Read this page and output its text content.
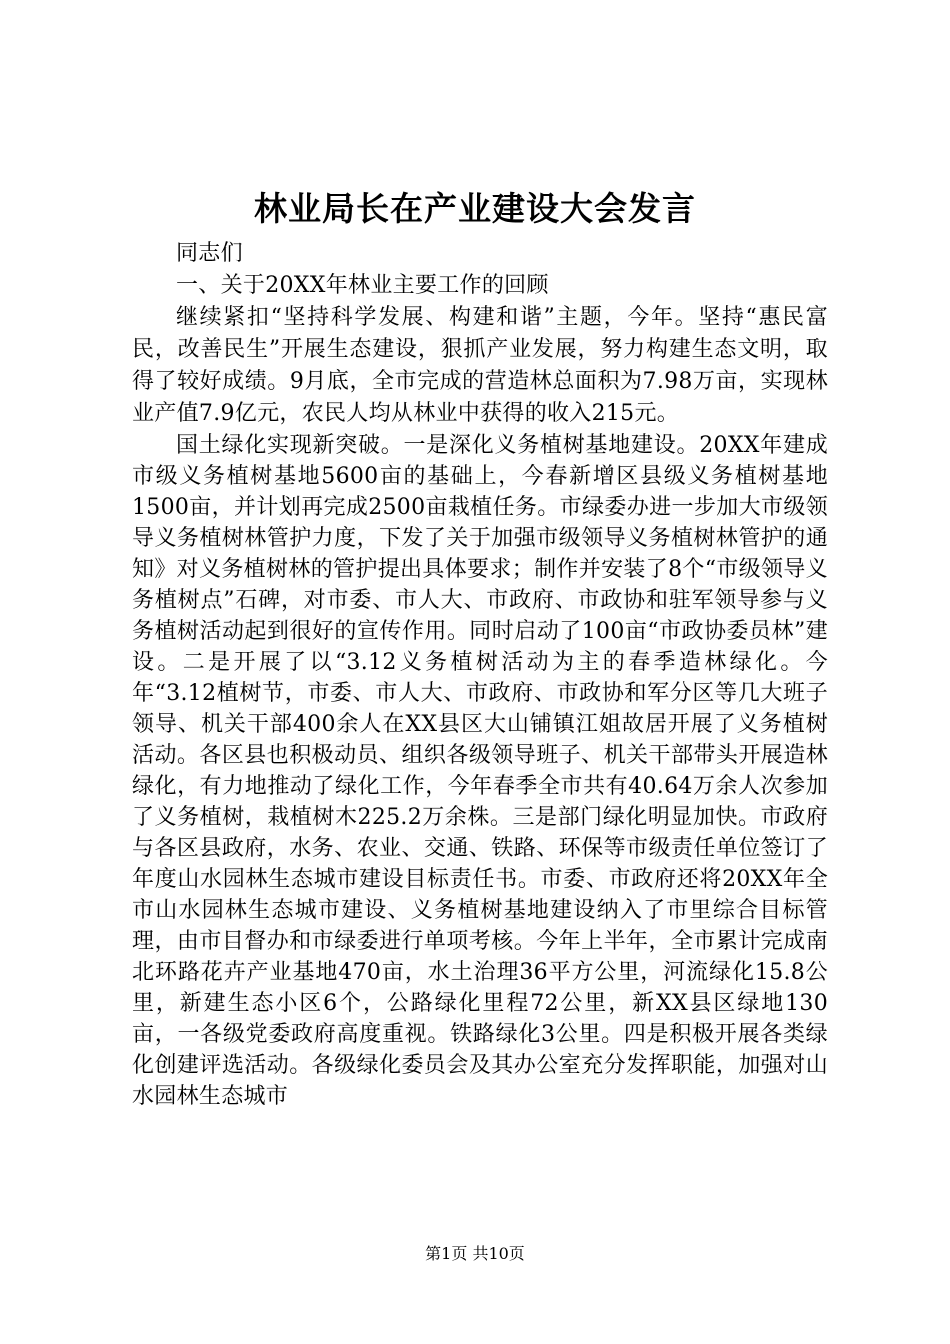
林业局长在产业建设大会发言

同志们

一、关于20XX年林业主要工作的回顾

继续紧扣“坚持科学发展、构建和谐”主题，今年。坚持“惠民富民，改善民生”开展生态建设，狠抓产业发展，努力构建生态文明，取得了较好成绩。9月底，全市完成的营造林总面积为7.98万亩，实现林业产值7.9亿元，农民人均从林业中获得的收入215元。

国土绿化实现新突破。一是深化义务植树基地建设。20XX年建成市级义务植树基地5600亩的基础上，今春新增区县级义务植树基地1500亩，并计划再完成2500亩栽植任务。市绿委办进一步加大市级领导义务植树林管护力度，下发了关于加强市级领导义务植树林管护的通知》对义务植树林的管护提出具体要求；制作并安装了8个“市级领导义务植树点”石碑，对市委、市人大、市政府、市政协和驻军领导参与义务植树活动起到很好的宣传作用。同时启动了100亩“市政协委员林”建设。二是开展了以“3.12义务植树活动为主的春季造林绿化。今年“3.12植树节，市委、市人大、市政府、市政协和军分区等几大班子领导、机关干部400余人在XX县区大山铺镇江姐故居开展了义务植树活动。各区县也积极动员、组织各级领导班子、机关干部带头开展造林绿化，有力地推动了绿化工作，今年春季全市共有40.64万余人次参加了义务植树，栽植树木225.2万余株。三是部门绿化明显加快。市政府与各区县政府，水务、农业、交通、铁路、环保等市级责任单位签订了年度山水园林生态城市建设目标责任书。市委、市政府还将20XX年全市山水园林生态城市建设、义务植树基地建设纳入了市里综合目标管理，由市目督办和市绿委进行单项考核。今年上半年，全市累计完成南北环路花卉产业基地470亩，水土治理36平方公里，河流绿化15.8公里，新建生态小区6个，公路绿化里程72公里，新XX县区绿地130亩，一各级党委政府高度重视。铁路绿化3公里。四是积极开展各类绿化创建评选活动。各级绿化委员会及其办公室充分发挥职能，加强对山水园林生态城市

第1页 共10页
